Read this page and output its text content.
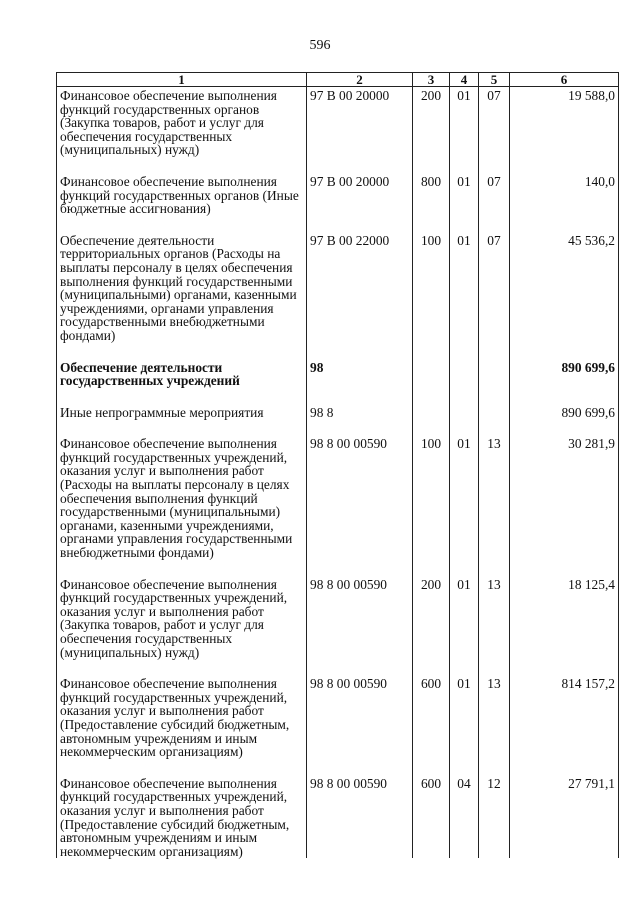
596
1	2	3	4	5	6
Финансовое обеспечение выполнения функций государственных органов (Закупка товаров, работ и услуг для обеспечения государственных (муниципальных) нужд)	97 В 00 20000	200	01	07	19 588,0

Финансовое обеспечение выполнения функций государственных органов (Иные бюджетные ассигнования)	97 В 00 20000	800	01	07	140,0

Обеспечение деятельности территориальных органов (Расходы на выплаты персоналу в целях обеспечения выполнения функций государственными (муниципальными) органами, казенными учреждениями, органами управления государственными внебюджетными фондами)	97 В 00 22000	100	01	07	45 536,2

Обеспечение деятельности государственных учреждений	98				890 699,6

Иные непрограммные мероприятия	98 8				890 699,6

Финансовое обеспечение выполнения функций государственных учреждений, оказания услуг и выполнения работ (Расходы на выплаты персоналу в целях обеспечения выполнения функций государственными (муниципальными) органами, казенными учреждениями, органами управления государственными внебюджетными фондами)	98 8 00 00590	100	01	13	30 281,9

Финансовое обеспечение выполнения функций государственных учреждений, оказания услуг и выполнения работ (Закупка товаров, работ и услуг для обеспечения государственных (муниципальных) нужд)	98 8 00 00590	200	01	13	18 125,4

Финансовое обеспечение выполнения функций государственных учреждений, оказания услуг и выполнения работ (Предоставление субсидий бюджетным, автономным учреждениям и иным некоммерческим организациям)	98 8 00 00590	600	01	13	814 157,2

Финансовое обеспечение выполнения функций государственных учреждений, оказания услуг и выполнения работ (Предоставление субсидий бюджетным, автономным учреждениям и иным некоммерческим организациям)	98 8 00 00590	600	04	12	27 791,1
